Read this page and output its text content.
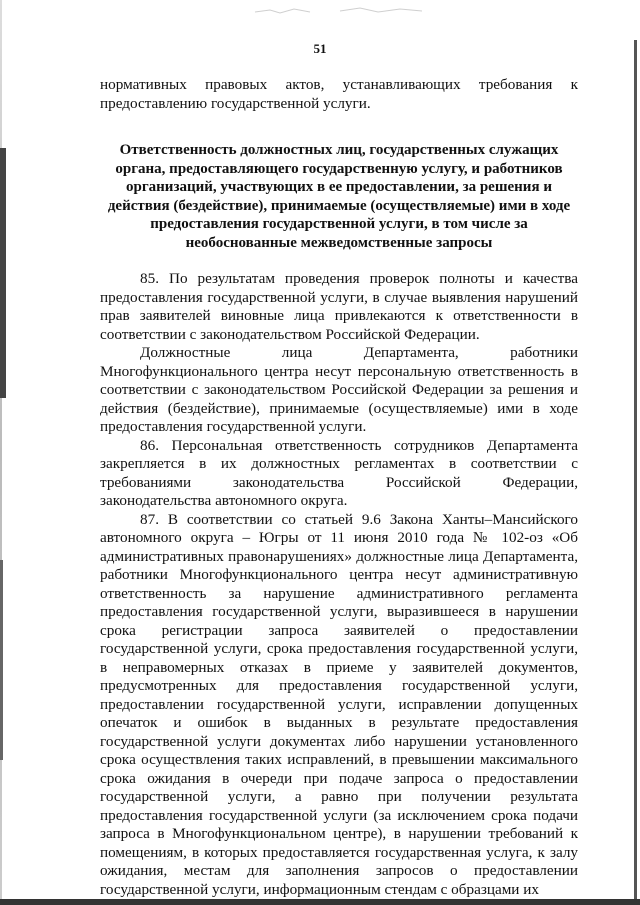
51

нормативных правовых актов, устанавливающих требования к предоставлению государственной услуги.

Ответственность должностных лиц, государственных служащих органа, предоставляющего государственную услугу, и работников организаций, участвующих в ее предоставлении, за решения и действия (бездействие), принимаемые (осуществляемые) ими в ходе предоставления государственной услуги, в том числе за необоснованные межведомственные запросы

85. По результатам проведения проверок полноты и качества предоставления государственной услуги, в случае выявления нарушений прав заявителей виновные лица привлекаются к ответственности в соответствии с законодательством Российской Федерации.

Должностные лица Департамента, работники Многофункционального центра несут персональную ответственность в соответствии с законодательством Российской Федерации за решения и действия (бездействие), принимаемые (осуществляемые) ими в ходе предоставления государственной услуги.

86. Персональная ответственность сотрудников Департамента закрепляется в их должностных регламентах в соответствии с требованиями законодательства Российской Федерации, законодательства автономного округа.

87. В соответствии со статьей 9.6 Закона Ханты–Мансийского автономного округа – Югры от 11 июня 2010 года № 102-оз «Об административных правонарушениях» должностные лица Департамента, работники Многофункционального центра несут административную ответственность за нарушение административного регламента предоставления государственной услуги, выразившееся в нарушении срока регистрации запроса заявителей о предоставлении государственной услуги, срока предоставления государственной услуги, в неправомерных отказах в приеме у заявителей документов, предусмотренных для предоставления государственной услуги, предоставлении государственной услуги, исправлении допущенных опечаток и ошибок в выданных в результате предоставления государственной услуги документах либо нарушении установленного срока осуществления таких исправлений, в превышении максимального срока ожидания в очереди при подаче запроса о предоставлении государственной услуги, а равно при получении результата предоставления государственной услуги (за исключением срока подачи запроса в Многофункциональном центре), в нарушении требований к помещениям, в которых предоставляется государственная услуга, к залу ожидания, местам для заполнения запросов о предоставлении государственной услуги, информационным стендам с образцами их
